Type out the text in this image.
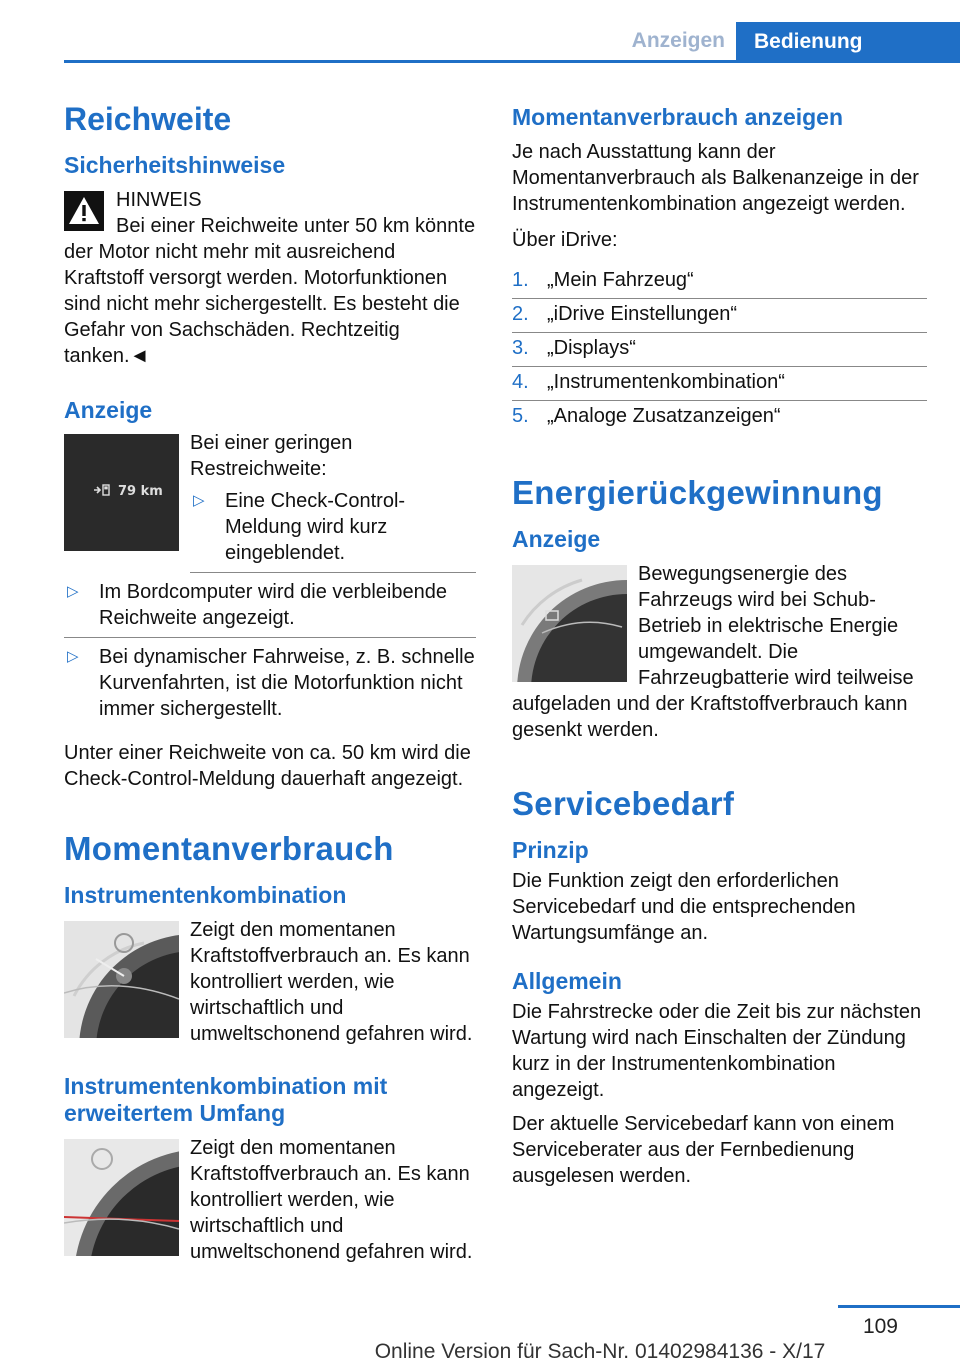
Anzeigen	Bedienung
Reichweite
Sicherheitshinweise

HINWEIS

Bei einer Reichweite unter 50 km könnte der Motor nicht mehr mit ausreichend Kraftstoff versorgt werden. Motorfunktionen sind nicht mehr sichergestellt. Es besteht die Gefahr von Sachschäden. Rechtzeitig tanken.◄

Anzeige
79 km

Bei einer geringen Restreichweite:

▷ Eine Check-Control-Meldung wird kurz eingeblendet.
▷ Im Bordcomputer wird die verbleibende Reichweite angezeigt.
▷ Bei dynamischer Fahrweise, z. B. schnelle Kurvenfahrten, ist die Motorfunktion nicht immer sichergestellt.

Unter einer Reichweite von ca. 50 km wird die Check-Control-Meldung dauerhaft angezeigt.

Momentanverbrauch
Instrumentenkombination

Zeigt den momentanen Kraftstoffverbrauch an. Es kann kontrolliert werden, wie wirtschaftlich und umweltschonend gefahren wird.

Instrumentenkombination mit erweitertem Umfang

Zeigt den momentanen Kraftstoffverbrauch an. Es kann kontrolliert werden, wie wirtschaftlich und umweltschonend gefahren wird.

Momentanverbrauch anzeigen

Je nach Ausstattung kann der Momentanverbrauch als Balkenanzeige in der Instrumentenkombination angezeigt werden.

Über iDrive:

1. „Mein Fahrzeug“
2. „iDrive Einstellungen“
3. „Displays“
4. „Instrumentenkombination“
5. „Analoge Zusatzanzeigen“
Energierückgewinnung
Anzeige

Bewegungsenergie des Fahrzeugs wird bei Schub-Betrieb in elektrische Energie umgewandelt. Die Fahrzeugbatterie wird teilweise aufgeladen und der Kraftstoffverbrauch kann gesenkt werden.

Servicebedarf
Prinzip

Die Funktion zeigt den erforderlichen Servicebedarf und die entsprechenden Wartungsumfänge an.

Allgemein

Die Fahrstrecke oder die Zeit bis zur nächsten Wartung wird nach Einschalten der Zündung kurz in der Instrumentenkombination angezeigt.

Der aktuelle Servicebedarf kann von einem Serviceberater aus der Fernbedienung ausgelesen werden.

109
Online Version für Sach-Nr. 01402984136 - X/17
